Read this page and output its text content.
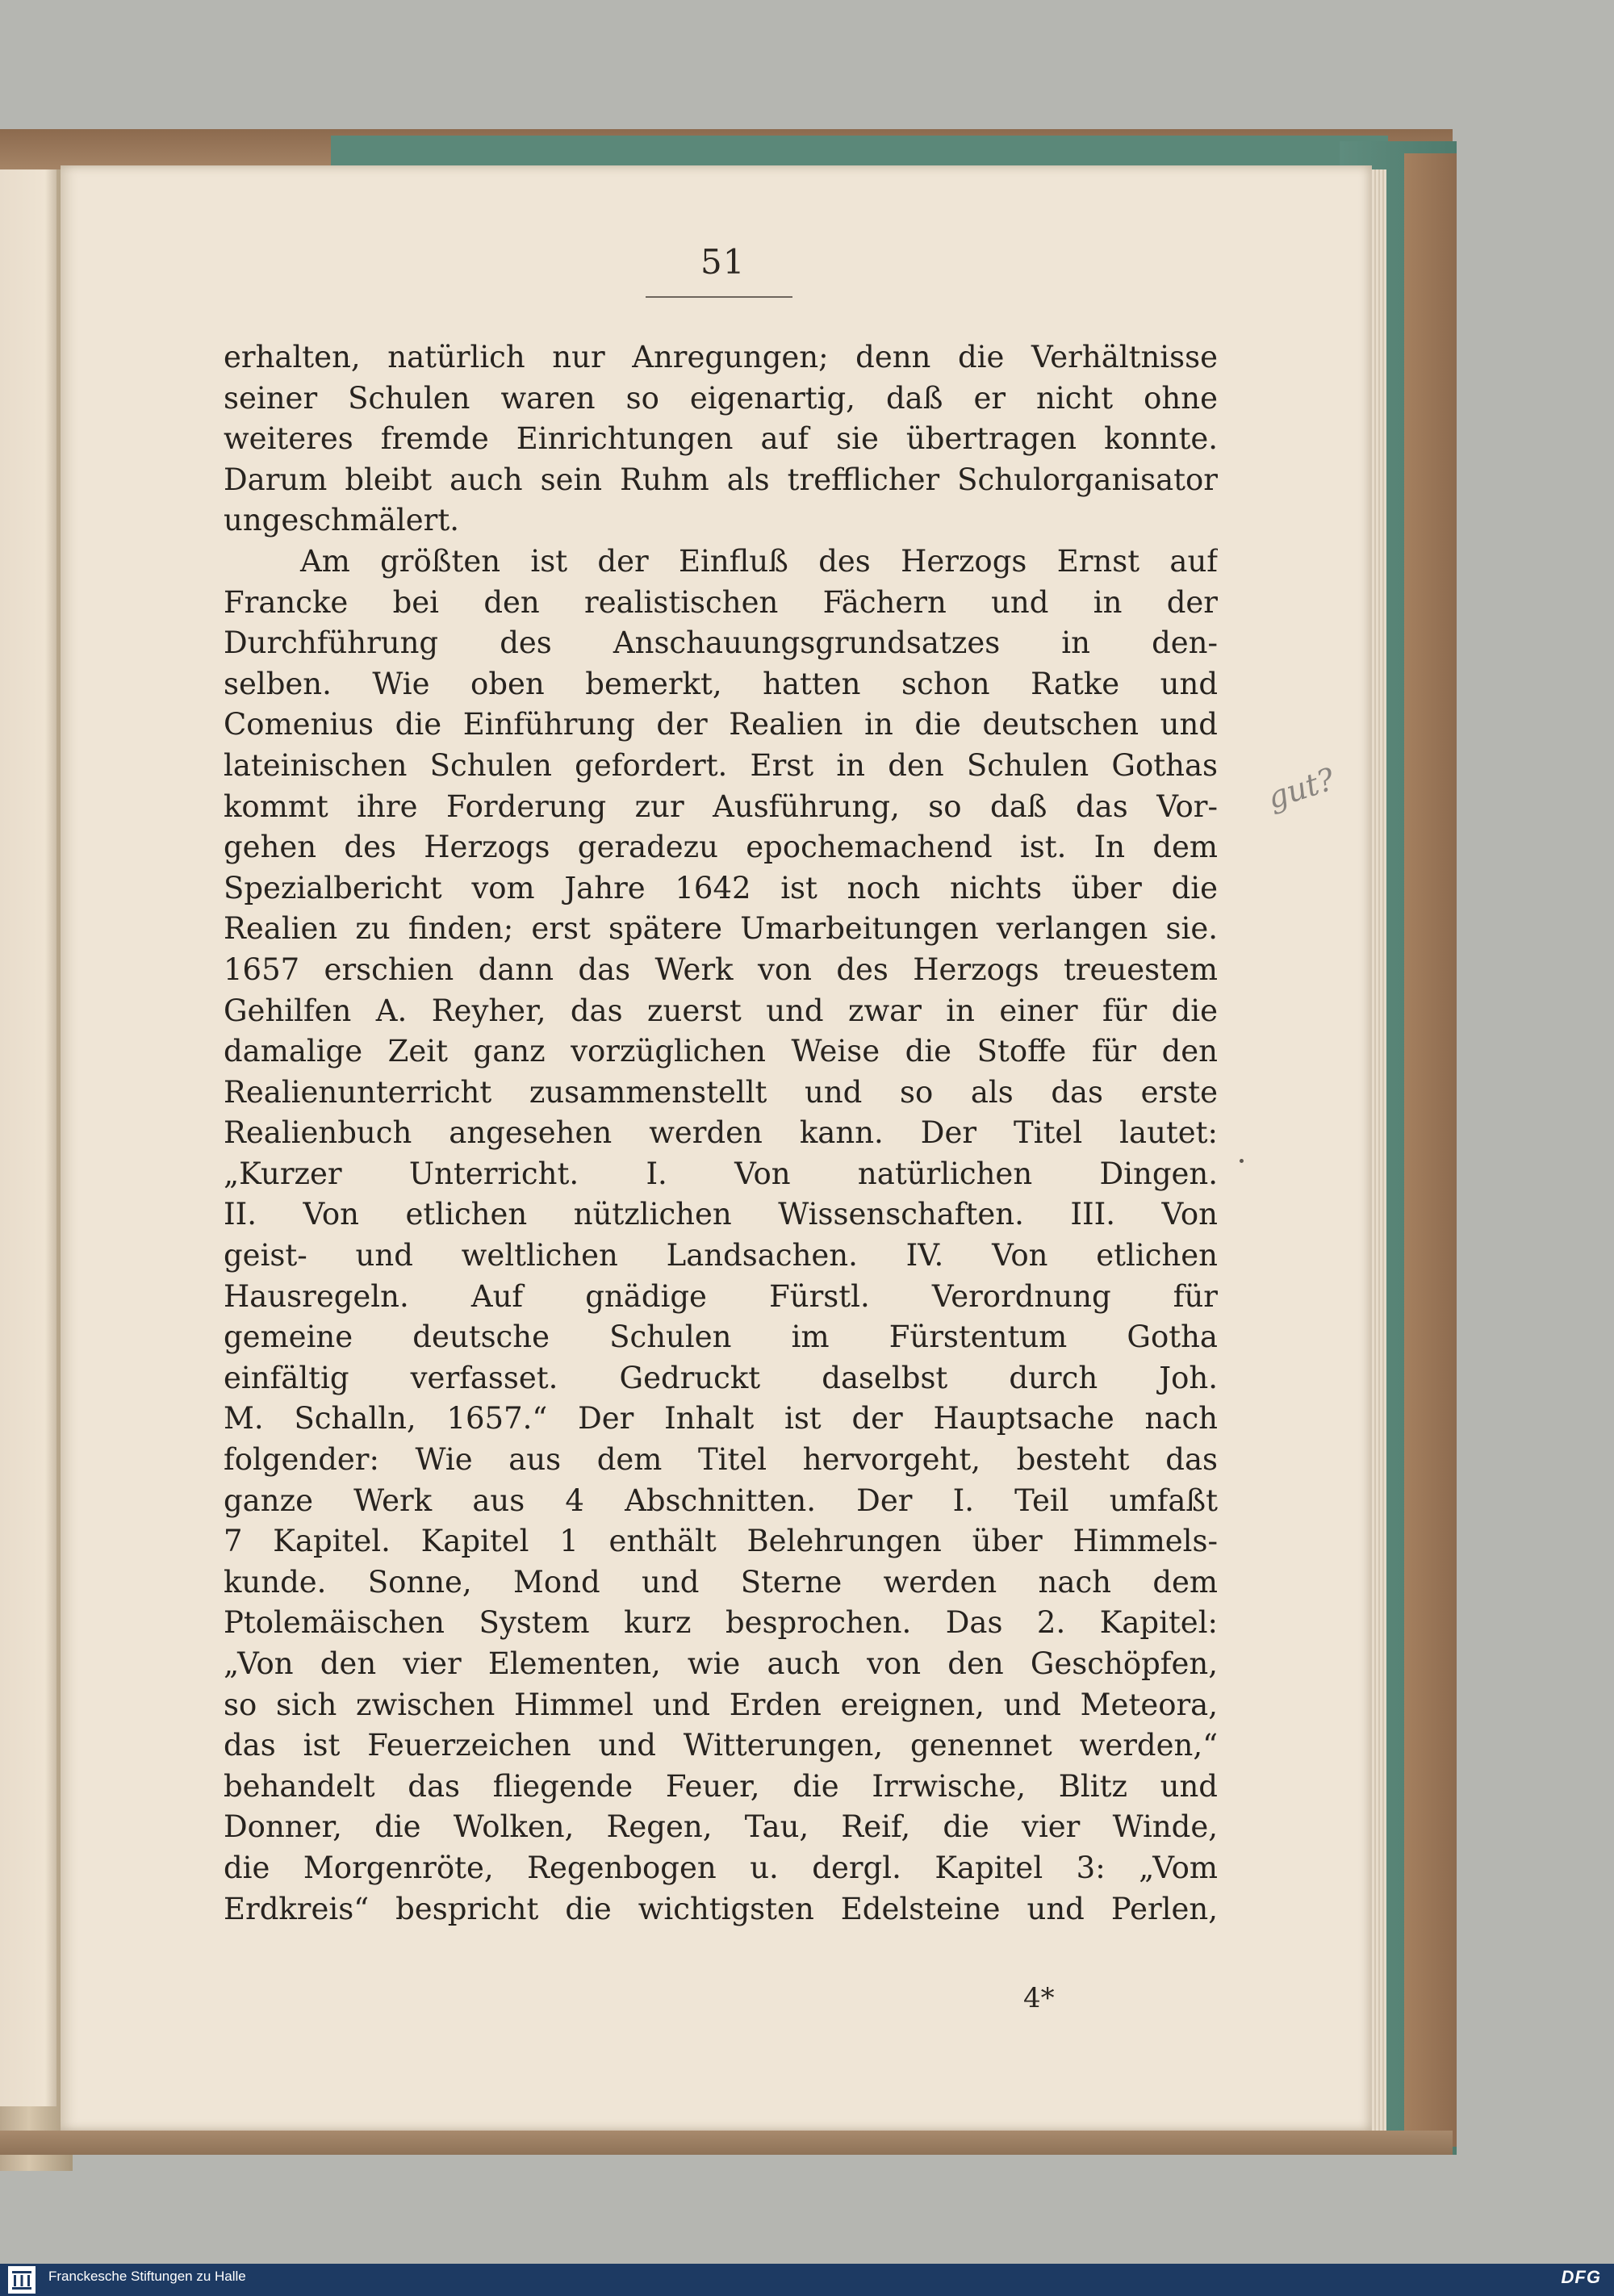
51
gut?
erhalten, natürlich nur Anregungen; denn die Verhältnisse
seiner Schulen waren so eigenartig, daß er nicht ohne
weiteres fremde Einrichtungen auf sie übertragen konnte.
Darum bleibt auch sein Ruhm als trefflicher Schulorganisator
ungeschmälert.
Am größten ist der Einfluß des Herzogs Ernst auf
Francke bei den realistischen Fächern und in der
Durchführung des Anschauungsgrundsatzes in den-
selben. Wie oben bemerkt, hatten schon Ratke und
Comenius die Einführung der Realien in die deutschen und
lateinischen Schulen gefordert. Erst in den Schulen Gothas
kommt ihre Forderung zur Ausführung, so daß das Vor-
gehen des Herzogs geradezu epochemachend ist. In dem
Spezialbericht vom Jahre 1642 ist noch nichts über die
Realien zu finden; erst spätere Umarbeitungen verlangen sie.
1657 erschien dann das Werk von des Herzogs treuestem
Gehilfen A. Reyher, das zuerst und zwar in einer für die
damalige Zeit ganz vorzüglichen Weise die Stoffe für den
Realienunterricht zusammenstellt und so als das erste
Realienbuch angesehen werden kann. Der Titel lautet:
„Kurzer Unterricht. I. Von natürlichen Dingen.
II. Von etlichen nützlichen Wissenschaften. III. Von
geist- und weltlichen Landsachen. IV. Von etlichen
Hausregeln. Auf gnädige Fürstl. Verordnung für
gemeine deutsche Schulen im Fürstentum Gotha
einfältig verfasset. Gedruckt daselbst durch Joh.
M. Schalln, 1657.“ Der Inhalt ist der Hauptsache nach
folgender: Wie aus dem Titel hervorgeht, besteht das
ganze Werk aus 4 Abschnitten. Der I. Teil umfaßt
7 Kapitel. Kapitel 1 enthält Belehrungen über Himmels-
kunde. Sonne, Mond und Sterne werden nach dem
Ptolemäischen System kurz besprochen. Das 2. Kapitel:
„Von den vier Elementen, wie auch von den Geschöpfen,
so sich zwischen Himmel und Erden ereignen, und Meteora,
das ist Feuerzeichen und Witterungen, genennet werden,“
behandelt das fliegende Feuer, die Irrwische, Blitz und
Donner, die Wolken, Regen, Tau, Reif, die vier Winde,
die Morgenröte, Regenbogen u. dergl. Kapitel 3: „Vom
Erdkreis“ bespricht die wichtigsten Edelsteine und Perlen,
4*
Franckesche Stiftungen zu Halle	DFG
